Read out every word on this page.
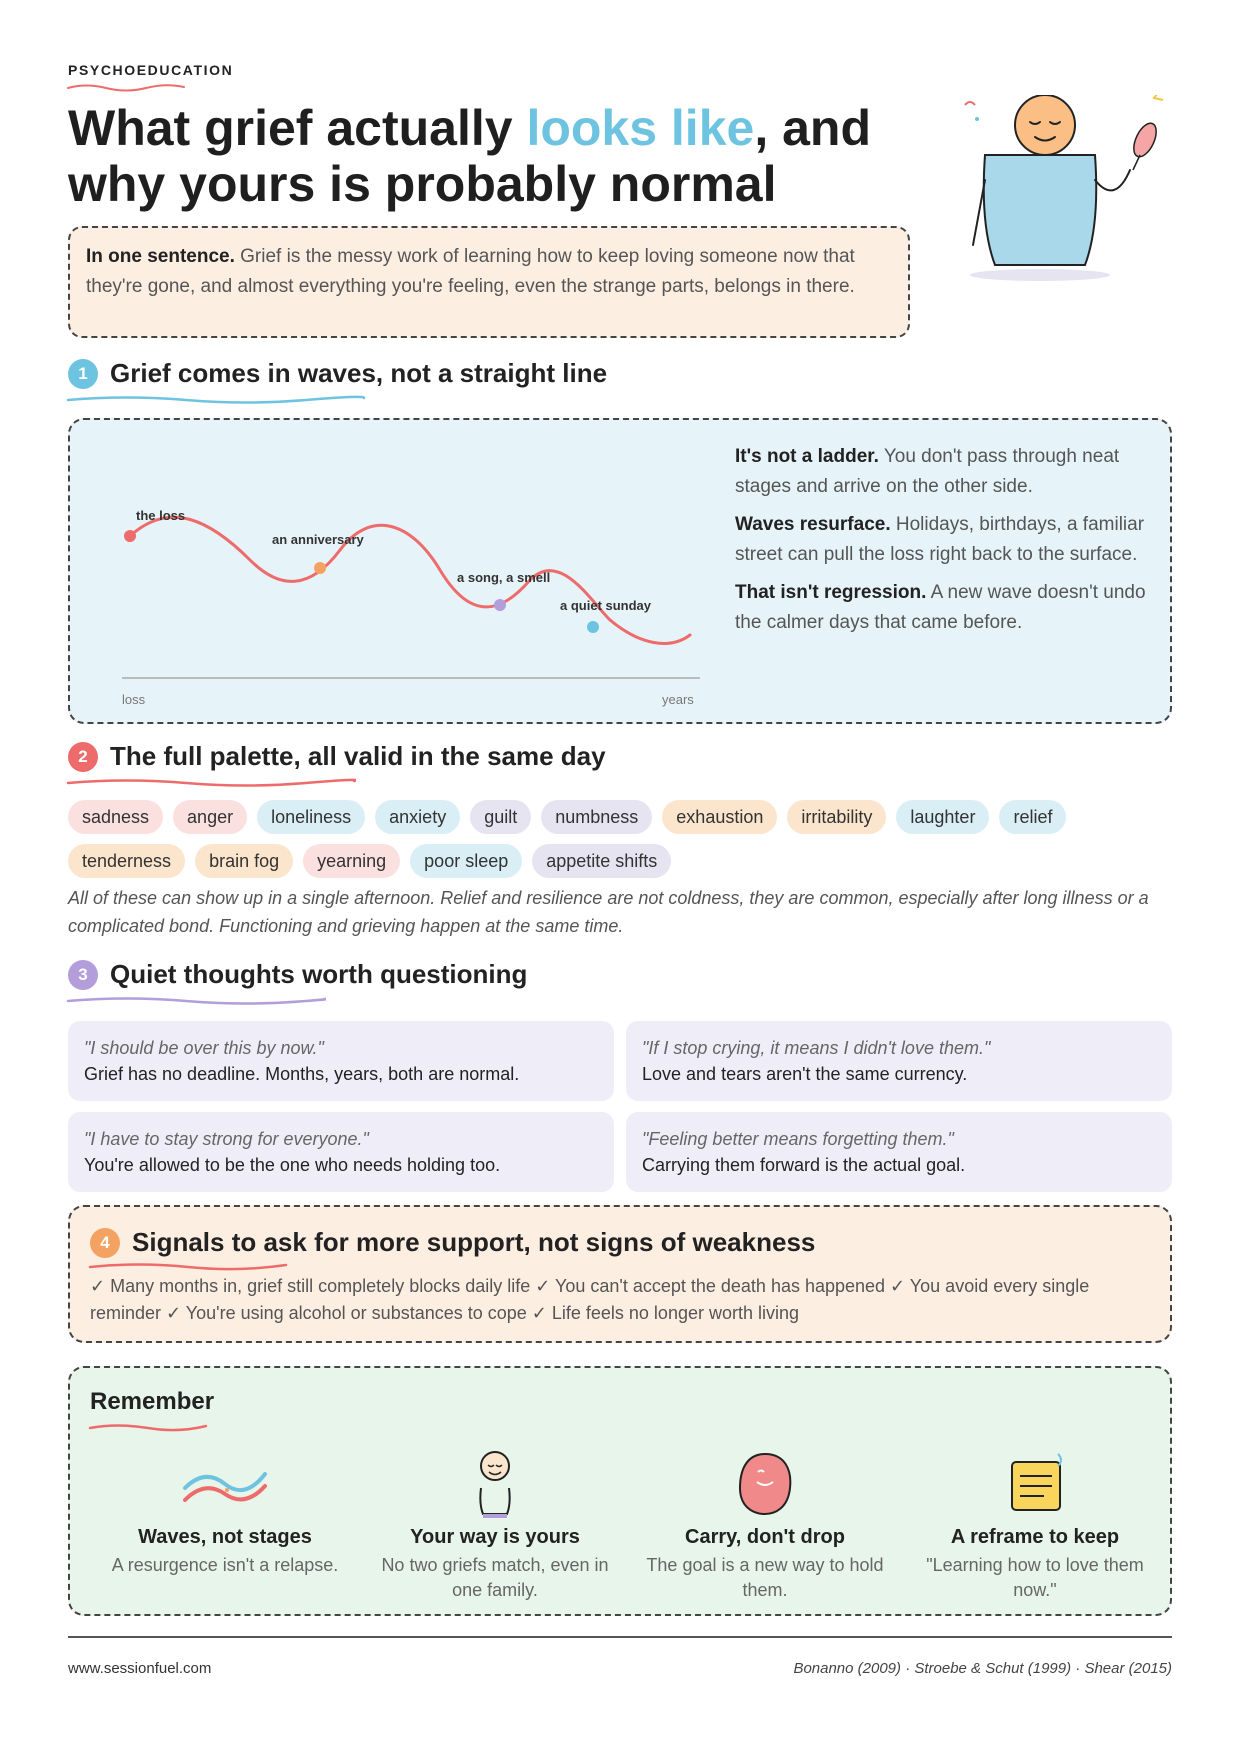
PSYCHOEDUCATION
What grief actually looks like, and why yours is probably normal
In one sentence. Grief is the messy work of learning how to keep loving someone now that they're gone, and almost everything you're feeling, even the strange parts, belongs in there.
1 Grief comes in waves, not a straight line
the loss
an anniversary
a song, a smell
a quiet sunday
loss	years

It's not a ladder. You don't pass through neat stages and arrive on the other side.

Waves resurface. Holidays, birthdays, a familiar street can pull the loss right back to the surface.

That isn't regression. A new wave doesn't undo the calmer days that came before.

2 The full palette, all valid in the same day
sadness	anger	loneliness	anxiety	guilt	numbness	exhaustion	irritability	laughter	relief
tenderness	brain fog	yearning	poor sleep	appetite shifts

All of these can show up in a single afternoon. Relief and resilience are not coldness, they are common, especially after long illness or a complicated bond. Functioning and grieving happen at the same time.

3 Quiet thoughts worth questioning
"I should be over this by now."
Grief has no deadline. Months, years, both are normal.
"If I stop crying, it means I didn't love them."
Love and tears aren't the same currency.
"I have to stay strong for everyone."
You're allowed to be the one who needs holding too.
"Feeling better means forgetting them."
Carrying them forward is the actual goal.
4 Signals to ask for more support, not signs of weakness
✓ Many months in, grief still completely blocks daily life ✓ You can't accept the death has happened ✓ You avoid every single reminder ✓ You're using alcohol or substances to cope ✓ Life feels no longer worth living
Remember
Waves, not stages
A resurgence isn't a relapse.
Your way is yours
No two griefs match, even in one family.
Carry, don't drop
The goal is a new way to hold them.
A reframe to keep
"Learning how to love them now."
www.sessionfuel.com	Bonanno (2009) · Stroebe & Schut (1999) · Shear (2015)
